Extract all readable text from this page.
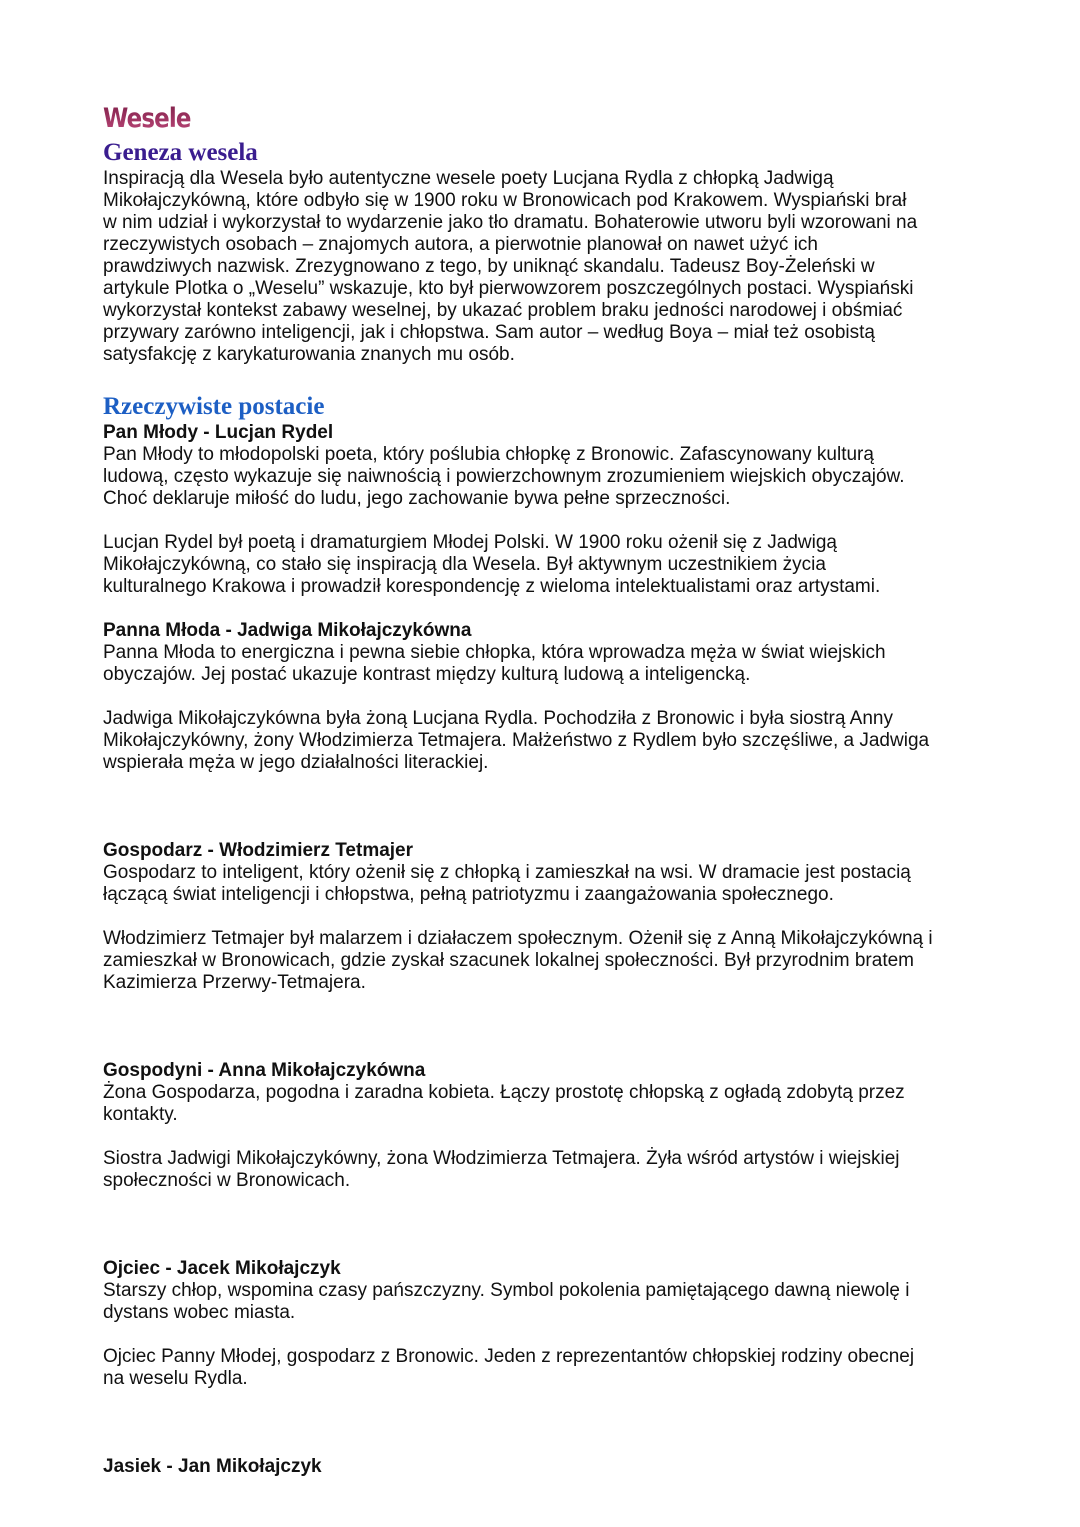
Wesele
Geneza wesela
Inspiracją dla Wesela było autentyczne wesele poety Lucjana Rydla z chłopką Jadwigą
Mikołajczykówną, które odbyło się w 1900 roku w Bronowicach pod Krakowem. Wyspiański brał
w nim udział i wykorzystał to wydarzenie jako tło dramatu. Bohaterowie utworu byli wzorowani na
rzeczywistych osobach – znajomych autora, a pierwotnie planował on nawet użyć ich
prawdziwych nazwisk. Zrezygnowano z tego, by uniknąć skandalu. Tadeusz Boy-Żeleński w
artykule Plotka o „Weselu” wskazuje, kto był pierwowzorem poszczególnych postaci. Wyspiański
wykorzystał kontekst zabawy weselnej, by ukazać problem braku jedności narodowej i obśmiać
przywary zarówno inteligencji, jak i chłopstwa. Sam autor – według Boya – miał też osobistą
satysfakcję z karykaturowania znanych mu osób.
Rzeczywiste postacie
Pan Młody - Lucjan Rydel
Pan Młody to młodopolski poeta, który poślubia chłopkę z Bronowic. Zafascynowany kulturą
ludową, często wykazuje się naiwnością i powierzchownym zrozumieniem wiejskich obyczajów.
Choć deklaruje miłość do ludu, jego zachowanie bywa pełne sprzeczności.
Lucjan Rydel był poetą i dramaturgiem Młodej Polski. W 1900 roku ożenił się z Jadwigą
Mikołajczykówną, co stało się inspiracją dla Wesela. Był aktywnym uczestnikiem życia
kulturalnego Krakowa i prowadził korespondencję z wieloma intelektualistami oraz artystami.
Panna Młoda - Jadwiga Mikołajczykówna
Panna Młoda to energiczna i pewna siebie chłopka, która wprowadza męża w świat wiejskich
obyczajów. Jej postać ukazuje kontrast między kulturą ludową a inteligencką.
Jadwiga Mikołajczykówna była żoną Lucjana Rydla. Pochodziła z Bronowic i była siostrą Anny
Mikołajczykówny, żony Włodzimierza Tetmajera. Małżeństwo z Rydlem było szczęśliwe, a Jadwiga
wspierała męża w jego działalności literackiej.
Gospodarz - Włodzimierz Tetmajer
Gospodarz to inteligent, który ożenił się z chłopką i zamieszkał na wsi. W dramacie jest postacią
łączącą świat inteligencji i chłopstwa, pełną patriotyzmu i zaangażowania społecznego.
Włodzimierz Tetmajer był malarzem i działaczem społecznym. Ożenił się z Anną Mikołajczykówną i
zamieszkał w Bronowicach, gdzie zyskał szacunek lokalnej społeczności. Był przyrodnim bratem
Kazimierza Przerwy-Tetmajera.
Gospodyni - Anna Mikołajczykówna
Żona Gospodarza, pogodna i zaradna kobieta. Łączy prostotę chłopską z ogładą zdobytą przez
kontakty.
Siostra Jadwigi Mikołajczykówny, żona Włodzimierza Tetmajera. Żyła wśród artystów i wiejskiej
społeczności w Bronowicach.
Ojciec - Jacek Mikołajczyk
Starszy chłop, wspomina czasy pańszczyzny. Symbol pokolenia pamiętającego dawną niewolę i
dystans wobec miasta.
Ojciec Panny Młodej, gospodarz z Bronowic. Jeden z reprezentantów chłopskiej rodziny obecnej
na weselu Rydla.
Jasiek - Jan Mikołajczyk
